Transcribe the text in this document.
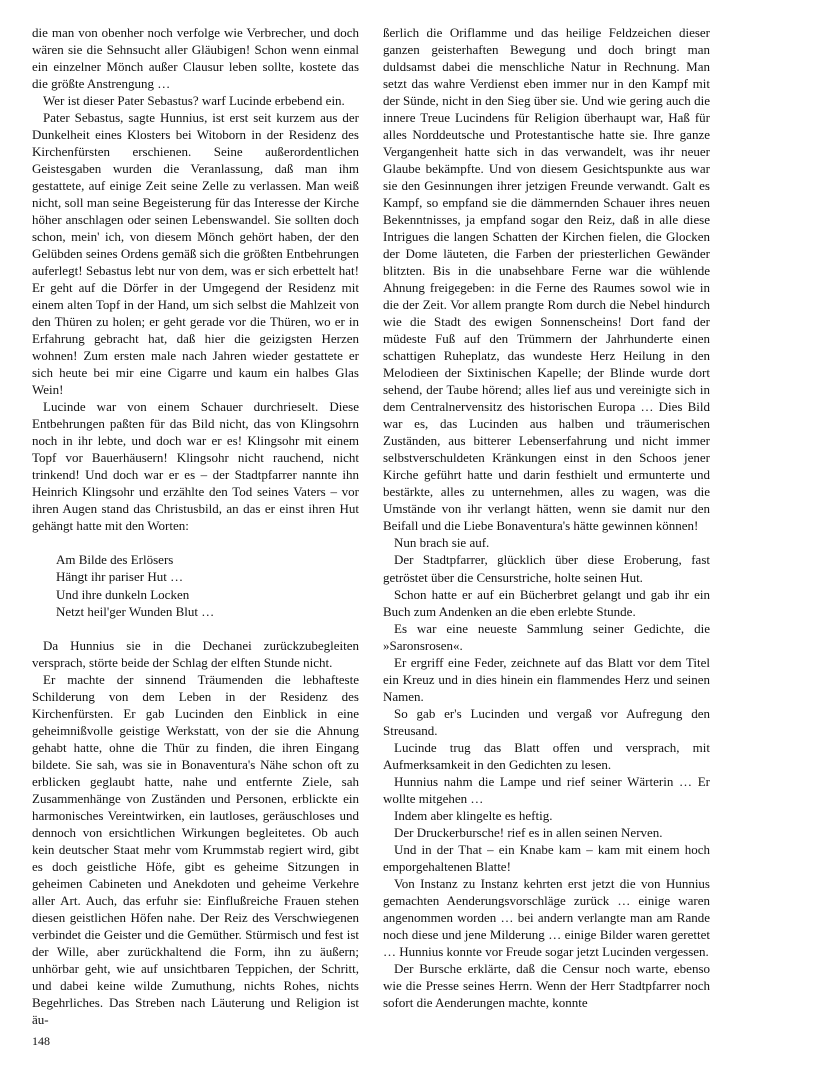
die man von obenher noch verfolge wie Verbrecher, und doch wären sie die Sehnsucht aller Gläubigen! Schon wenn einmal ein einzelner Mönch außer Clausur leben sollte, kostete das die größte Anstrengung …

Wer ist dieser Pater Sebastus? warf Lucinde erbebend ein.

Pater Sebastus, sagte Hunnius, ist erst seit kurzem aus der Dunkelheit eines Klosters bei Witoborn in der Residenz des Kirchenfürsten erschienen. Seine außerordentlichen Geistesgaben wurden die Veranlassung, daß man ihm gestattete, auf einige Zeit seine Zelle zu verlassen. Man weiß nicht, soll man seine Begeisterung für das Interesse der Kirche höher anschlagen oder seinen Lebenswandel. Sie sollten doch schon, mein' ich, von diesem Mönch gehört haben, der den Gelübden seines Ordens gemäß sich die größten Entbehrungen auferlegt! Sebastus lebt nur von dem, was er sich erbettelt hat! Er geht auf die Dörfer in der Umgegend der Residenz mit einem alten Topf in der Hand, um sich selbst die Mahlzeit von den Thüren zu holen; er geht gerade vor die Thüren, wo er in Erfahrung gebracht hat, daß hier die geizigsten Herzen wohnen! Zum ersten male nach Jahren wieder gestattete er sich heute bei mir eine Cigarre und kaum ein halbes Glas Wein!

Lucinde war von einem Schauer durchrieselt. Diese Entbehrungen paßten für das Bild nicht, das von Klingsohrn noch in ihr lebte, und doch war er es! Klingsohr mit einem Topf vor Bauerhäusern! Klingsohr nicht rauchend, nicht trinkend! Und doch war er es – der Stadtpfarrer nannte ihn Heinrich Klingsohr und erzählte den Tod seines Vaters – vor ihren Augen stand das Christusbild, an das er einst ihren Hut gehängt hatte mit den Worten:

Am Bilde des Erlösers
Hängt ihr pariser Hut …
Und ihre dunkeln Locken
Netzt heil'ger Wunden Blut …

Da Hunnius sie in die Dechanei zurückzubegleiten versprach, störte beide der Schlag der elften Stunde nicht.

Er machte der sinnend Träumenden die lebhafteste Schilderung von dem Leben in der Residenz des Kirchenfürsten. Er gab Lucinden den Einblick in eine geheimnißvolle geistige Werkstatt, von der sie die Ahnung gehabt hatte, ohne die Thür zu finden, die ihren Eingang bildete. Sie sah, was sie in Bonaventura's Nähe schon oft zu erblicken geglaubt hatte, nahe und entfernte Ziele, sah Zusammenhänge von Zuständen und Personen, erblickte ein harmonisches Vereintwirken, ein lautloses, geräuschloses und dennoch von ersichtlichen Wirkungen begleitetes. Ob auch kein deutscher Staat mehr vom Krummstab regiert wird, gibt es doch geistliche Höfe, gibt es geheime Sitzungen in geheimen Cabineten und Anekdoten und geheime Verkehre aller Art. Auch, das erfuhr sie: Einflußreiche Frauen stehen diesen geistlichen Höfen nahe. Der Reiz des Verschwiegenen verbindet die Geister und die Gemüther. Stürmisch und fest ist der Wille, aber zurückhaltend die Form, ihn zu äußern; unhörbar geht, wie auf unsichtbaren Teppichen, der Schritt, und dabei keine wilde Zumuthung, nichts Rohes, nichts Begehrliches. Das Streben nach Läuterung und Religion ist äu-

ßerlich die Oriflamme und das heilige Feldzeichen dieser ganzen geisterhaften Bewegung und doch bringt man duldsamst dabei die menschliche Natur in Rechnung. Man setzt das wahre Verdienst eben immer nur in den Kampf mit der Sünde, nicht in den Sieg über sie. Und wie gering auch die innere Treue Lucindens für Religion überhaupt war, Haß für alles Norddeutsche und Protestantische hatte sie. Ihre ganze Vergangenheit hatte sich in das verwandelt, was ihr neuer Glaube bekämpfte. Und von diesem Gesichtspunkte aus war sie den Gesinnungen ihrer jetzigen Freunde verwandt. Galt es Kampf, so empfand sie die dämmernden Schauer ihres neuen Bekenntnisses, ja empfand sogar den Reiz, daß in alle diese Intrigues die langen Schatten der Kirchen fielen, die Glocken der Dome läuteten, die Farben der priesterlichen Gewänder blitzten. Bis in die unabsehbare Ferne war die wühlende Ahnung freigegeben: in die Ferne des Raumes sowol wie in die der Zeit. Vor allem prangte Rom durch die Nebel hindurch wie die Stadt des ewigen Sonnenscheins! Dort fand der müdeste Fuß auf den Trümmern der Jahrhunderte einen schattigen Ruheplatz, das wundeste Herz Heilung in den Melodieen der Sixtinischen Kapelle; der Blinde wurde dort sehend, der Taube hörend; alles lief aus und vereinigte sich in dem Centralnervensitz des historischen Europa … Dies Bild war es, das Lucinden aus halben und träumerischen Zuständen, aus bitterer Lebenserfahrung und nicht immer selbstverschuldeten Kränkungen einst in den Schoos jener Kirche geführt hatte und darin festhielt und ermunterte und bestärkte, alles zu unternehmen, alles zu wagen, was die Umstände von ihr verlangt hätten, wenn sie damit nur den Beifall und die Liebe Bonaventura's hätte gewinnen können!

Nun brach sie auf.

Der Stadtpfarrer, glücklich über diese Eroberung, fast getröstet über die Censurstriche, holte seinen Hut.

Schon hatte er auf ein Bücherbret gelangt und gab ihr ein Buch zum Andenken an die eben erlebte Stunde.

Es war eine neueste Sammlung seiner Gedichte, die »Saronsrosen«.

Er ergriff eine Feder, zeichnete auf das Blatt vor dem Titel ein Kreuz und in dies hinein ein flammendes Herz und seinen Namen.

So gab er's Lucinden und vergaß vor Aufregung den Streusand.

Lucinde trug das Blatt offen und versprach, mit Aufmerksamkeit in den Gedichten zu lesen.

Hunnius nahm die Lampe und rief seiner Wärterin … Er wollte mitgehen …

Indem aber klingelte es heftig.

Der Druckerbursche! rief es in allen seinen Nerven.

Und in der That – ein Knabe kam – kam mit einem hoch emporgehaltenen Blatte!

Von Instanz zu Instanz kehrten erst jetzt die von Hunnius gemachten Aenderungsvorschläge zurück … einige waren angenommen worden … bei andern verlangte man am Rande noch diese und jene Milderung … einige Bilder waren gerettet … Hunnius konnte vor Freude sogar jetzt Lucinden vergessen.

Der Bursche erklärte, daß die Censur noch warte, ebenso wie die Presse seines Herrn. Wenn der Herr Stadtpfarrer noch sofort die Aenderungen machte, konnte

148
